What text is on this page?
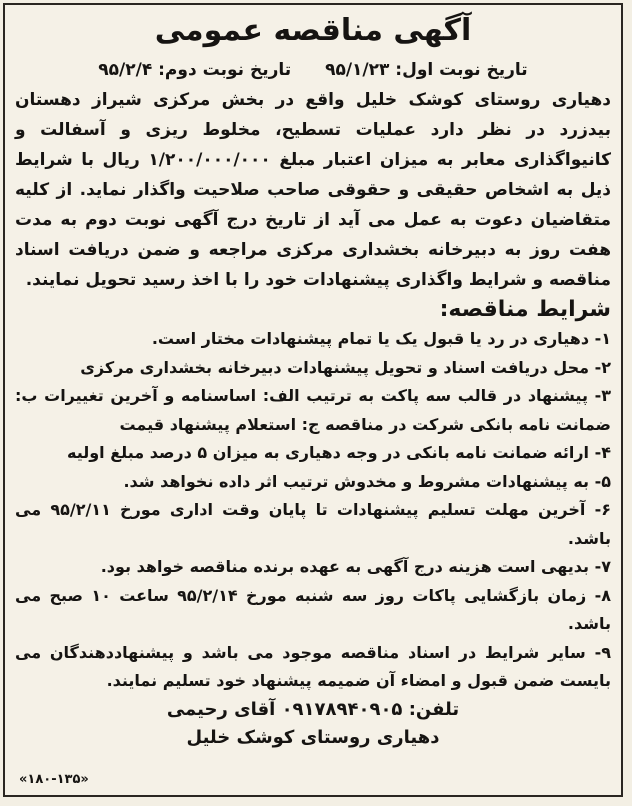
آگهی مناقصه عمومی
تاریخ نوبت اول: ۹۵/۱/۲۳ تاریخ نوبت دوم: ۹۵/۲/۴

دهیاری روستای کوشک خلیل واقع در بخش مرکزی شیراز دهستان بیدزرد در نظر دارد عملیات تسطیح، مخلوط ریزی و آسفالت و کانیواگذاری معابر به میزان اعتبار مبلغ ۱/۲۰۰/۰۰۰/۰۰۰ ریال با شرایط ذیل به اشخاص حقیقی و حقوقی صاحب صلاحیت واگذار نماید. از کلیه متقاضیان دعوت به عمل می آید از تاریخ درج آگهی نوبت دوم به مدت هفت روز به دبیرخانه بخشداری مرکزی مراجعه و ضمن دریافت اسناد مناقصه و شرایط واگذاری پیشنهادات خود را با اخذ رسید تحویل نمایند.

شرایط مناقصه:
۱- دهیاری در رد یا قبول یک یا تمام پیشنهادات مختار است.
۲- محل دریافت اسناد و تحویل پیشنهادات دبیرخانه بخشداری مرکزی
۳- پیشنهاد در قالب سه پاکت به ترتیب الف: اساسنامه و آخرین تغییرات ب: ضمانت نامه بانکی شرکت در مناقصه ج: استعلام پیشنهاد قیمت
۴- ارائه ضمانت نامه بانکی در وجه دهیاری به میزان ۵ درصد مبلغ اولیه
۵- به پیشنهادات مشروط و مخدوش ترتیب اثر داده نخواهد شد.
۶- آخرین مهلت تسلیم پیشنهادات تا پایان وقت اداری مورخ ۹۵/۲/۱۱ می باشد.
۷- بدیهی است هزینه درج آگهی به عهده برنده مناقصه خواهد بود.
۸- زمان بازگشایی پاکات روز سه شنبه مورخ ۹۵/۲/۱۴ ساعت ۱۰ صبح می باشد.
۹- سایر شرایط در اسناد مناقصه موجود می باشد و پیشنهاددهندگان می بایست ضمن قبول و امضاء آن ضمیمه پیشنهاد خود تسلیم نمایند.
تلفن: ۰۹۱۷۸۹۴۰۹۰۵ آقای رحیمی
دهیاری روستای کوشک خلیل
«۱۸۰-۱۳۵»
